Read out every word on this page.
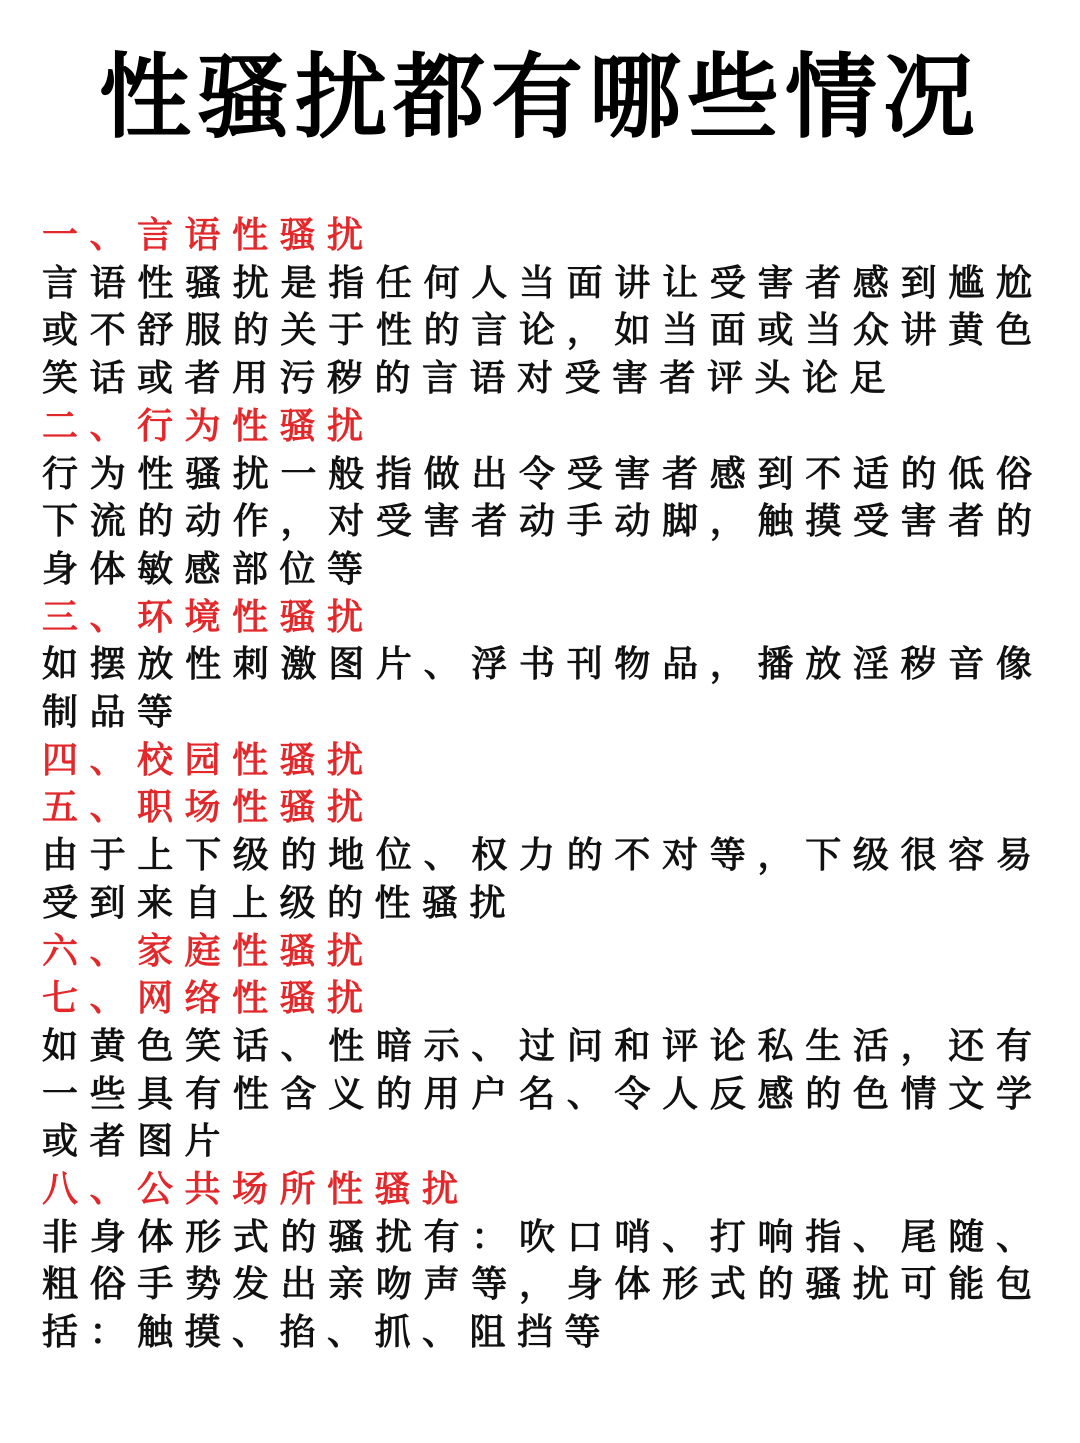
性骚扰都有哪些情况
一、言语性骚扰
言语性骚扰是指任何人当面讲让受害者感到尴尬
或不舒服的关于性的言论，如当面或当众讲黄色
笑话或者用污秽的言语对受害者评头论足
二、行为性骚扰
行为性骚扰一般指做出令受害者感到不适的低俗
下流的动作，对受害者动手动脚，触摸受害者的
身体敏感部位等
三、环境性骚扰
如摆放性刺激图片、浮书刊物品，播放淫秽音像
制品等
四、校园性骚扰
五、职场性骚扰
由于上下级的地位、权力的不对等，下级很容易
受到来自上级的性骚扰
六、家庭性骚扰
七、网络性骚扰
如黄色笑话、性暗示、过问和评论私生活，还有
一些具有性含义的用户名、令人反感的色情文学
或者图片
八、公共场所性骚扰
非身体形式的骚扰有：吹口哨、打响指、尾随、
粗俗手势发出亲吻声等，身体形式的骚扰可能包
括：触摸、掐、抓、阻挡等
